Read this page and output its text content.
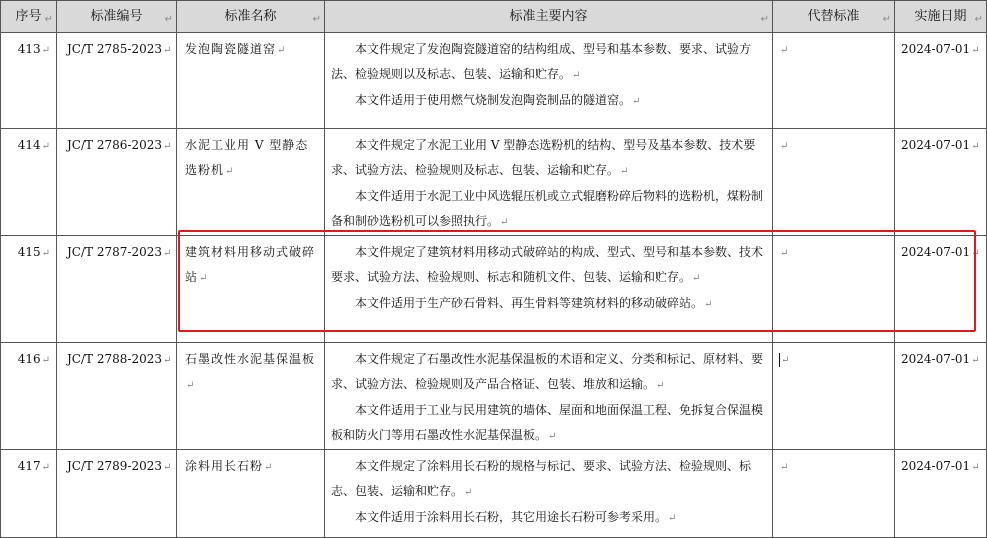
序号 ↵	标准编号 ↵	标准名称 ↵	标准主要内容 ↵	代替标准 ↵	实施日期 ↵

413↵	JC/T 2785-2023↵	发泡陶瓷隧道窑↵	本文件规定了发泡陶瓷隧道窑的结构组成、型号和基本参数、要求、试验方法、检验规则以及标志、包装、运输和贮存。↵

本文件适用于使用燃气烧制发泡陶瓷制品的隧道窑。↵	↵	2024-07-01↵

414↵	JC/T 2786-2023↵	水泥工业用 V 型静态选粉机↵	本文件规定了水泥工业用 V 型静态选粉机的结构、型号及基本参数、技术要求、试验方法、检验规则及标志、包装、运输和贮存。↵

本文件适用于水泥工业中风选辊压机或立式辊磨粉碎后物料的选粉机，煤粉制备和制砂选粉机可以参照执行。↵	↵	2024-07-01↵

415↵	JC/T 2787-2023↵	建筑材料用移动式破碎站↵	本文件规定了建筑材料用移动式破碎站的构成、型式、型号和基本参数、技术要求、试验方法、检验规则、标志和随机文件、包装、运输和贮存。↵

本文件适用于生产砂石骨料、再生骨料等建筑材料的移动破碎站。↵	↵	2024-07-01↵

416↵	JC/T 2788-2023↵	石墨改性水泥基保温板↵	本文件规定了石墨改性水泥基保温板的术语和定义、分类和标记、原材料、要求、试验方法、检验规则及产品合格证、包装、堆放和运输。↵

本文件适用于工业与民用建筑的墙体、屋面和地面保温工程、免拆复合保温模板和防火门等用石墨改性水泥基保温板。↵	↵	2024-07-01↵

417↵	JC/T 2789-2023↵	涂料用长石粉↵	本文件规定了涂料用长石粉的规格与标记、要求、试验方法、检验规则、标志、包装、运输和贮存。↵

本文件适用于涂料用长石粉，其它用途长石粉可参考采用。↵	↵	2024-07-01↵
